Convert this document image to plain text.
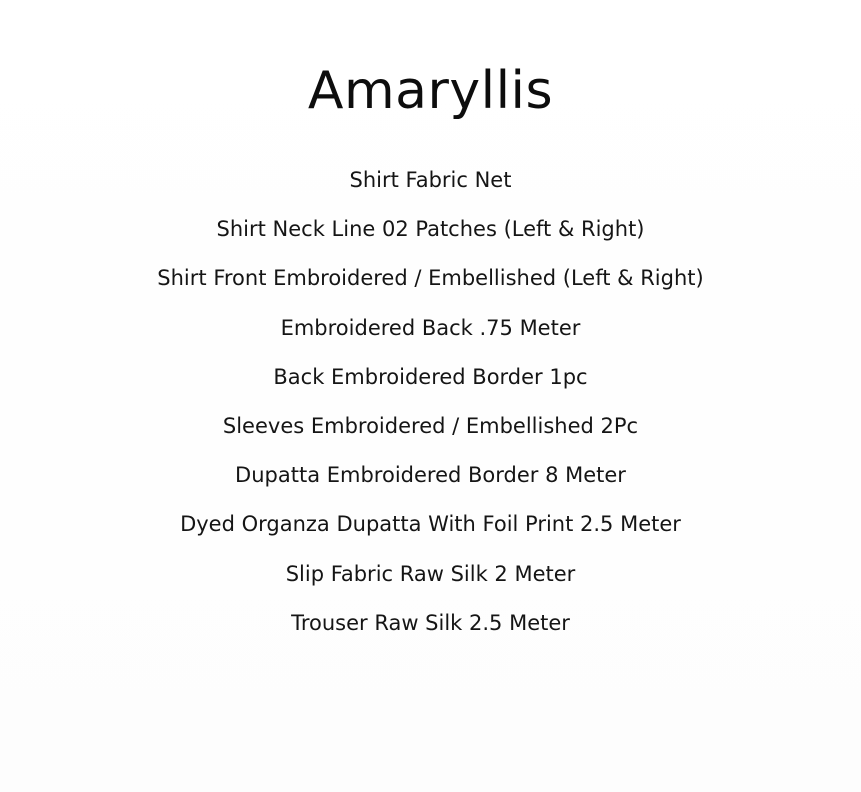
Amaryllis
Shirt Fabric Net
Shirt Neck Line 02 Patches (Left & Right)
Shirt Front Embroidered / Embellished (Left & Right)
Embroidered Back .75 Meter
Back Embroidered Border 1pc
Sleeves Embroidered / Embellished 2Pc
Dupatta Embroidered Border 8 Meter
Dyed Organza Dupatta With Foil Print 2.5 Meter
Slip Fabric Raw Silk 2 Meter
Trouser Raw Silk 2.5 Meter
